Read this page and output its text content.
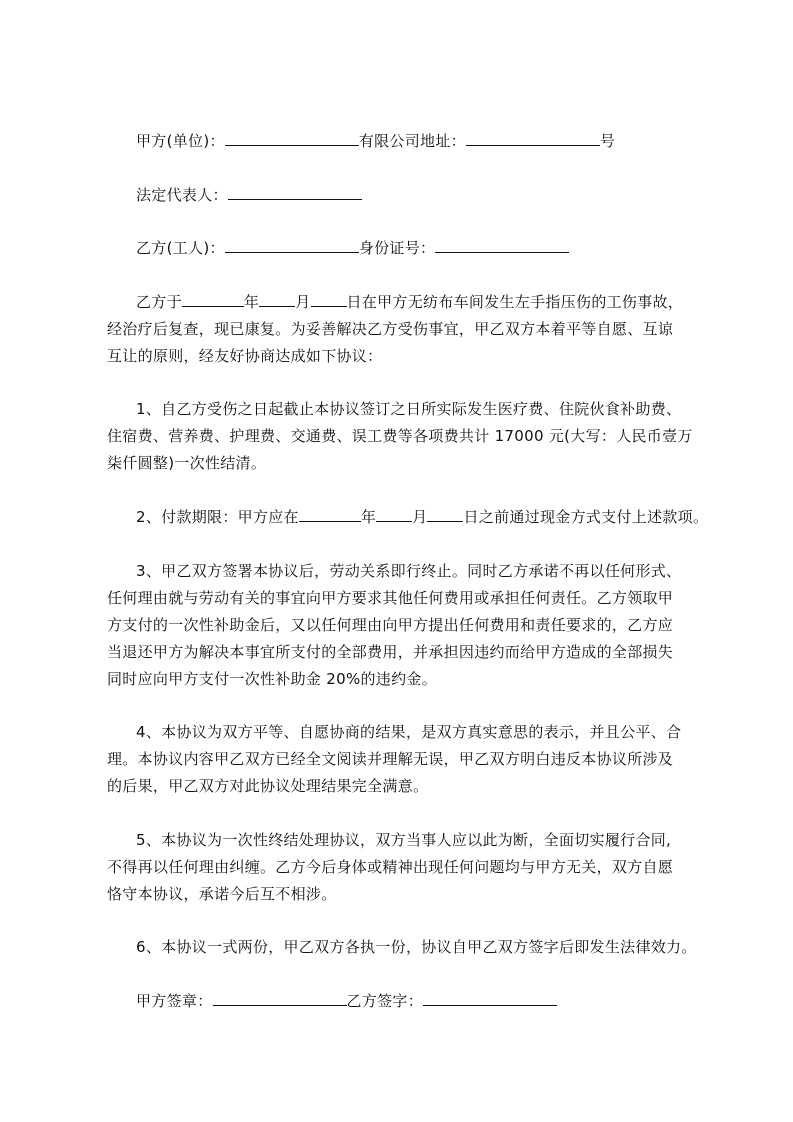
甲方(单位)：	有限公司地址：	号
法定代表人：
乙方(工人)：	身份证号：
乙方于	年 月 日在甲方无纺布车间发生左手指压伤的工伤事故，
经治疗后复查，现已康复。为妥善解决乙方受伤事宜，甲乙双方本着平等自愿、互谅
互让的原则，经友好协商达成如下协议：
1、自乙方受伤之日起截止本协议签订之日所实际发生医疗费、住院伙食补助费、
住宿费、营养费、护理费、交通费、误工费等各项费共计 17000 元(大写：人民币壹万
柒仟圆整)一次性结清。
2、付款期限：甲方应在	年 月 日之前通过现金方式支付上述款项。
3、甲乙双方签署本协议后，劳动关系即行终止。同时乙方承诺不再以任何形式、
任何理由就与劳动有关的事宜向甲方要求其他任何费用或承担任何责任。乙方领取甲
方支付的一次性补助金后，又以任何理由向甲方提出任何费用和责任要求的，乙方应
当退还甲方为解决本事宜所支付的全部费用，并承担因违约而给甲方造成的全部损失
同时应向甲方支付一次性补助金 20%的违约金。
4、本协议为双方平等、自愿协商的结果，是双方真实意思的表示，并且公平、合
理。本协议内容甲乙双方已经全文阅读并理解无误，甲乙双方明白违反本协议所涉及
的后果，甲乙双方对此协议处理结果完全满意。
5、本协议为一次性终结处理协议，双方当事人应以此为断，全面切实履行合同,
不得再以任何理由纠缠。乙方今后身体或精神出现任何问题均与甲方无关，双方自愿
恪守本协议，承诺今后互不相涉。
6、本协议一式两份，甲乙双方各执一份，协议自甲乙双方签字后即发生法律效力。
甲方签章：	乙方签字：
